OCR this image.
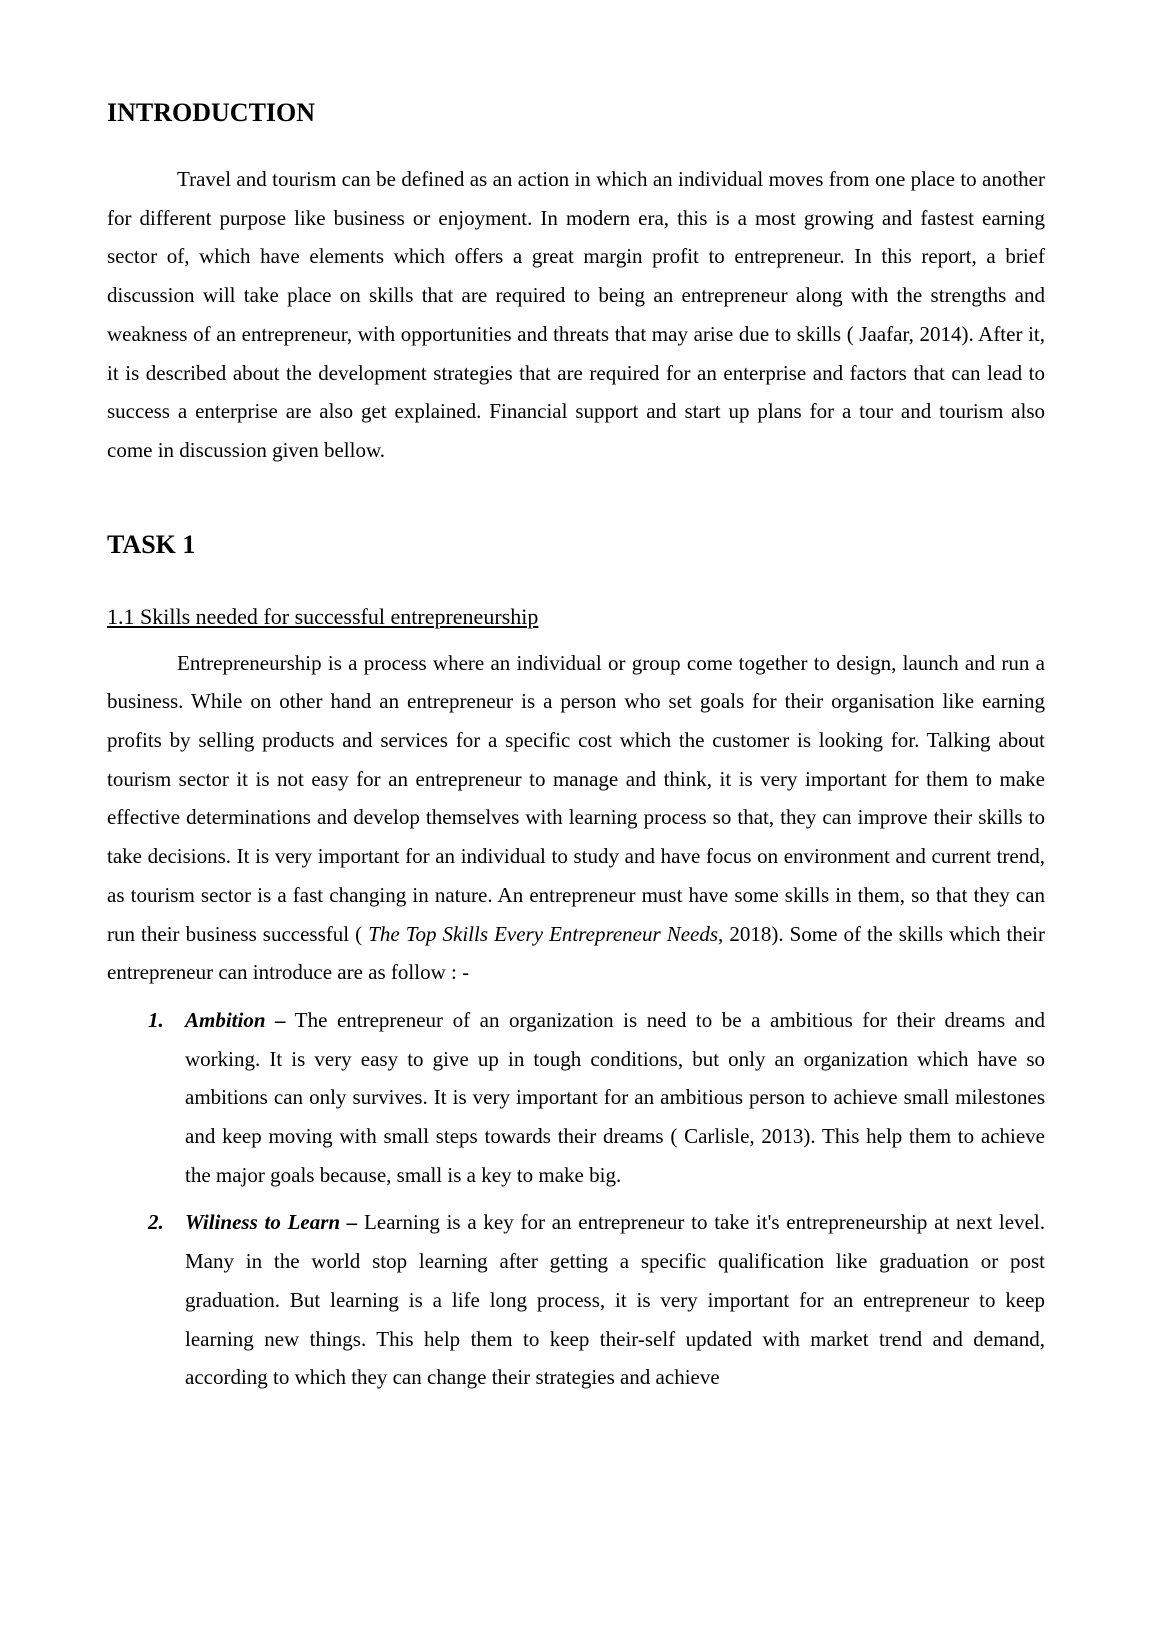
INTRODUCTION

Travel and tourism can be defined as an action in which an individual moves from one place to another for different purpose like business or enjoyment. In modern era, this is a most growing and fastest earning sector of, which have elements which offers a great margin profit to entrepreneur. In this report, a brief discussion will take place on skills that are required to being an entrepreneur along with the strengths and weakness of an entrepreneur, with opportunities and threats that may arise due to skills ( Jaafar, 2014). After it, it is described about the development strategies that are required for an enterprise and factors that can lead to success a enterprise are also get explained. Financial support and start up plans for a tour and tourism also come in discussion given bellow.

TASK 1
1.1 Skills needed for successful entrepreneurship

Entrepreneurship is a process where an individual or group come together to design, launch and run a business. While on other hand an entrepreneur is a person who set goals for their organisation like earning profits by selling products and services for a specific cost which the customer is looking for. Talking about tourism sector it is not easy for an entrepreneur to manage and think, it is very important for them to make effective determinations and develop themselves with learning process so that, they can improve their skills to take decisions. It is very important for an individual to study and have focus on environment and current trend, as tourism sector is a fast changing in nature. An entrepreneur must have some skills in them, so that they can run their business successful ( The Top Skills Every Entrepreneur Needs, 2018). Some of the skills which their entrepreneur can introduce are as follow : -

1.	Ambition – The entrepreneur of an organization is need to be a ambitious for their dreams and working. It is very easy to give up in tough conditions, but only an organization which have so ambitions can only survives. It is very important for an ambitious person to achieve small milestones and keep moving with small steps towards their dreams ( Carlisle, 2013). This help them to achieve the major goals because, small is a key to make big.
2.	Wiliness to Learn – Learning is a key for an entrepreneur to take it's entrepreneurship at next level. Many in the world stop learning after getting a specific qualification like graduation or post graduation. But learning is a life long process, it is very important for an entrepreneur to keep learning new things. This help them to keep their-self updated with market trend and demand, according to which they can change their strategies and achieve
